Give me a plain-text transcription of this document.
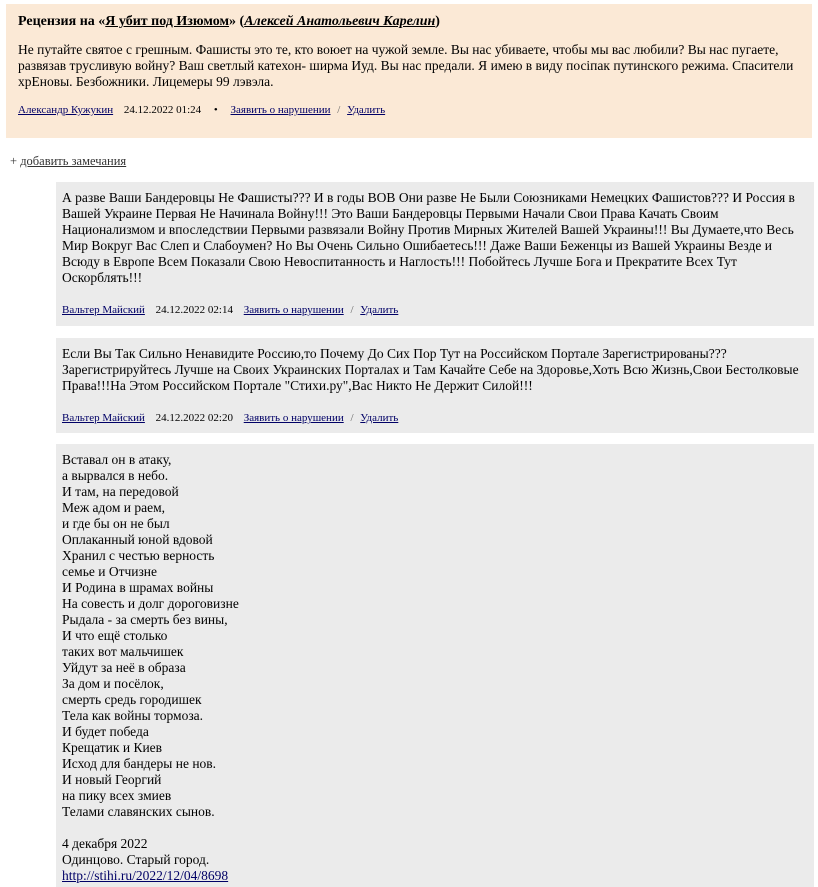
Рецензия на «Я убит под Изюмом» (Алексей Анатольевич Карелин)

Не путайте святое с грешным. Фашисты это те, кто воюет на чужой земле. Вы нас убиваете, чтобы мы вас любили? Вы нас пугаете, развязав трусливую войну? Ваш светлый катехон- ширма Иуд. Вы нас предали. Я имею в виду посіпак путинского режима. Спасители хрЕновы. Безбожники. Лицемеры 99 лэвэла.

Александр Кужукин 24.12.2022 01:24 • Заявить о нарушении / Удалить
+ добавить замечания

А разве Ваши Бандеровцы Не Фашисты??? И в годы ВОВ Они разве Не Были Союзниками Немецких Фашистов??? И Россия в Вашей Украине Первая Не Начинала Войну!!! Это Ваши Бандеровцы Первыми Начали Свои Права Качать Своим Национализмом и впоследствии Первыми развязали Войну Против Мирных Жителей Вашей Украины!!! Вы Думаете,что Весь Мир Вокруг Вас Слеп и Слабоумен? Но Вы Очень Сильно Ошибаетесь!!! Даже Ваши Беженцы из Вашей Украины Везде и Всюду в Европе Всем Показали Свою Невоспитанность и Наглость!!! Побойтесь Лучше Бога и Прекратите Всех Тут Оскорблять!!!

Вальтер Майский 24.12.2022 02:14 Заявить о нарушении / Удалить

Если Вы Так Сильно Ненавидите Россию,то Почему До Сих Пор Тут на Российском Портале Зарегистрированы??? Зарегистрируйтесь Лучше на Своих Украинских Порталах и Там Качайте Себе на Здоровье,Хоть Всю Жизнь,Свои Бестолковые Права!!!На Этом Российском Портале "Стихи.ру",Вас Никто Не Держит Силой!!!

Вальтер Майский 24.12.2022 02:20 Заявить о нарушении / Удалить
Вставал он в атаку,
а вырвался в небо.
И там, на передовой
Меж адом и раем,
и где бы он не был
Оплаканный юной вдовой
Хранил с честью верность
семье и Отчизне
И Родина в шрамах войны
На совесть и долг дороговизне
Рыдала - за смерть без вины,
И что ещё столько
таких вот мальчишек
Уйдут за неё в образа
За дом и посёлок,
смерть средь городишек
Тела как войны тормоза.
И будет победа
Крещатик и Киев
Исход для бандеры не нов.
И новый Георгий
на пику всех змиев
Телами славянских сынов.
4 декабря 2022
Одинцово. Старый город.
http://stihi.ru/2022/12/04/8698
